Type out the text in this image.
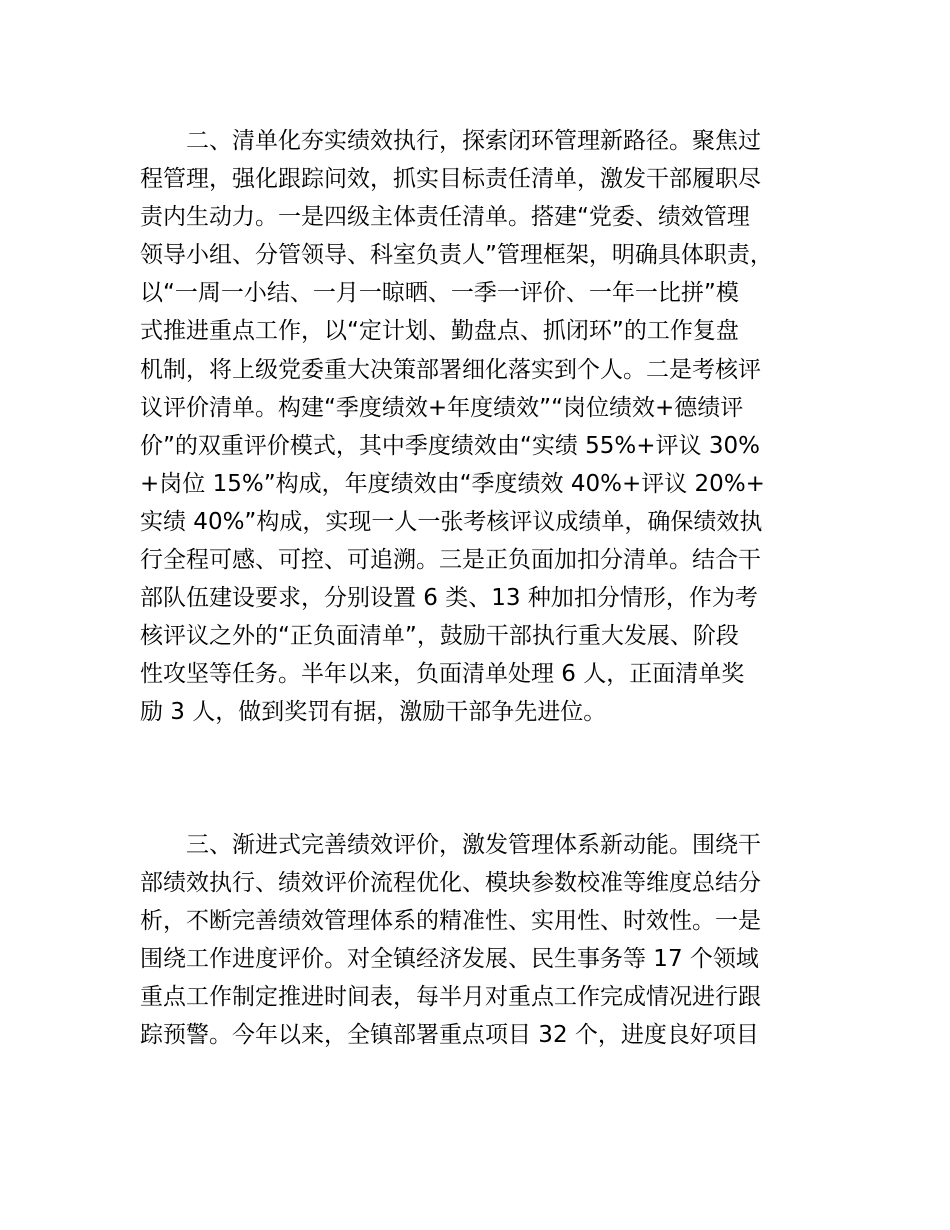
二、清单化夯实绩效执行，探索闭环管理新路径。聚焦过
程管理，强化跟踪问效，抓实目标责任清单，激发干部履职尽
责内生动力。一是四级主体责任清单。搭建“党委、绩效管理
领导小组、分管领导、科室负责人”管理框架，明确具体职责，
以“一周一小结、一月一晾晒、一季一评价、一年一比拼”模
式推进重点工作，以“定计划、勤盘点、抓闭环”的工作复盘
机制，将上级党委重大决策部署细化落实到个人。二是考核评
议评价清单。构建“季度绩效+年度绩效”“岗位绩效+德绩评
价”的双重评价模式，其中季度绩效由“实绩 55%+评议 30%
+岗位 15%”构成，年度绩效由“季度绩效 40%+评议 20%+
实绩 40%”构成，实现一人一张考核评议成绩单，确保绩效执
行全程可感、可控、可追溯。三是正负面加扣分清单。结合干
部队伍建设要求，分别设置 6 类、13 种加扣分情形，作为考
核评议之外的“正负面清单”，鼓励干部执行重大发展、阶段
性攻坚等任务。半年以来，负面清单处理 6 人，正面清单奖
励 3 人，做到奖罚有据，激励干部争先进位。
三、渐进式完善绩效评价，激发管理体系新动能。围绕干
部绩效执行、绩效评价流程优化、模块参数校准等维度总结分
析，不断完善绩效管理体系的精准性、实用性、时效性。一是
围绕工作进度评价。对全镇经济发展、民生事务等 17 个领域
重点工作制定推进时间表，每半月对重点工作完成情况进行跟
踪预警。今年以来，全镇部署重点项目 32 个，进度良好项目
